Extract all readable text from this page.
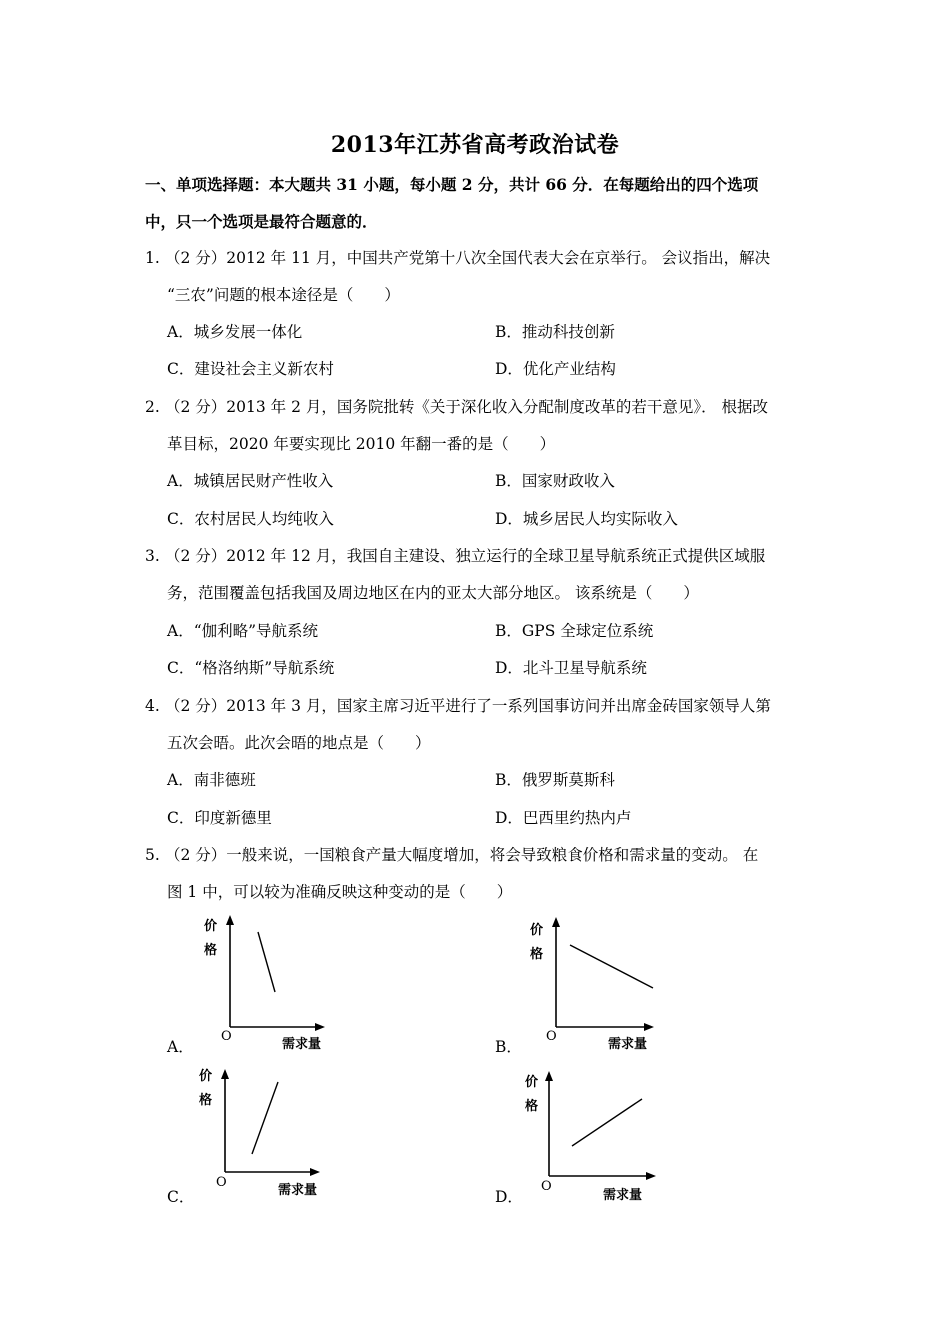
2013年江苏省高考政治试卷
一、单项选择题：本大题共 31 小题，每小题 2 分，共计 66 分．在每题给出的四个选项
中，只一个选项是最符合题意的．
1. （2 分）2012 年 11 月，中国共产党第十八次全国代表大会在京举行。 会议指出，解决
“三农”问题的根本途径是（　　）
A．城乡发展一体化	B．推动科技创新
C．建设社会主义新农村	D．优化产业结构
2. （2 分）2013 年 2 月，国务院批转《关于深化收入分配制度改革的若干意见》． 根据改
革目标，2020 年要实现比 2010 年翻一番的是（　　）
A．城镇居民财产性收入	B．国家财政收入
C．农村居民人均纯收入	D．城乡居民人均实际收入
3. （2 分）2012 年 12 月，我国自主建设、独立运行的全球卫星导航系统正式提供区域服
务，范围覆盖包括我国及周边地区在内的亚太大部分地区。 该系统是（　　）
A．“伽利略”导航系统	B．GPS 全球定位系统
C．“格洛纳斯”导航系统	D．北斗卫星导航系统
4. （2 分）2013 年 3 月，国家主席习近平进行了一系列国事访问并出席金砖国家领导人第
五次会晤。此次会晤的地点是（　　）
A．南非德班	B．俄罗斯莫斯科
C．印度新德里	D．巴西里约热内卢
5. （2 分）一般来说，一国粮食产量大幅度增加，将会导致粮食价格和需求量的变动。 在
图 1 中，可以较为准确反映这种变动的是（　　）
A．	B．
C．	D．
价
格
O
需求量
价
格
O
需求量
价
格
O
需求量
价
格
O
需求量
